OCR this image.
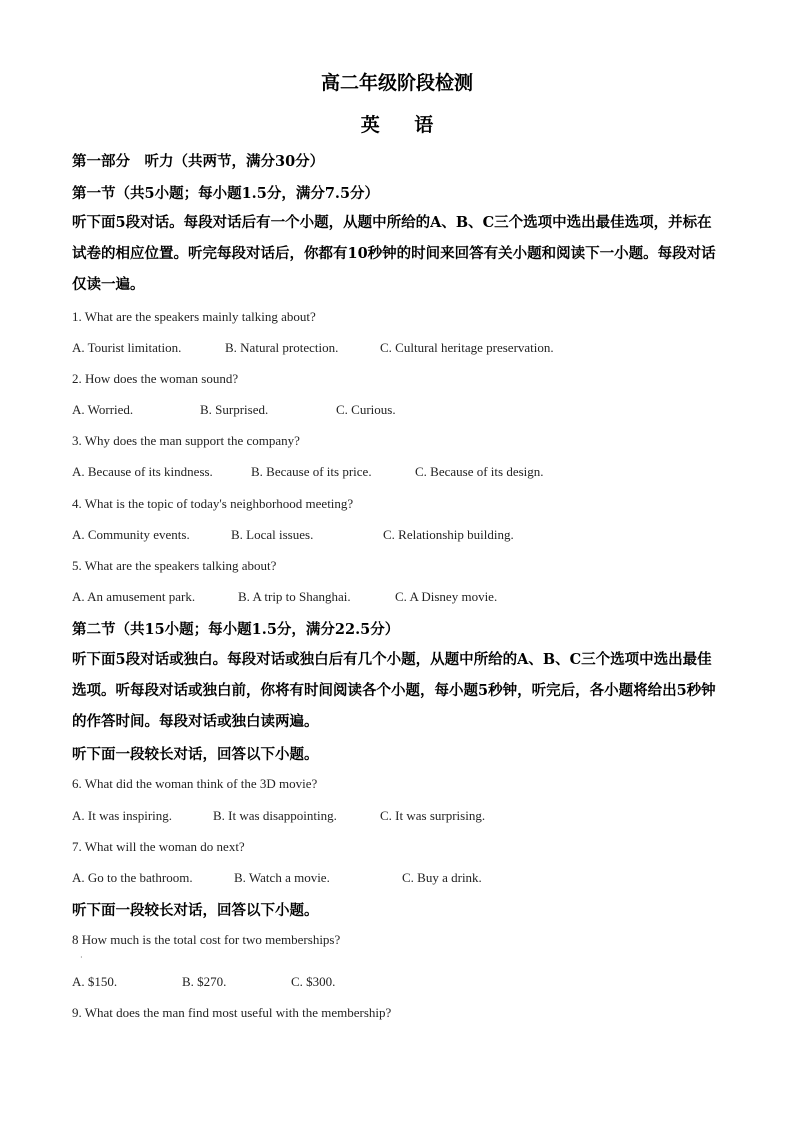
高二年级阶段检测
英 语
第一部分　听力（共两节，满分30分）
第一节（共5小题；每小题1.5分，满分7.5分）
听下面5段对话。每段对话后有一个小题，从题中所给的A、B、C三个选项中选出最佳选项，并标在试卷的相应位置。听完每段对话后，你都有10秒钟的时间来回答有关小题和阅读下一小题。每段对话仅读一遍。
1. What are the speakers mainly talking about?
A. Tourist limitation.	B. Natural protection.	C. Cultural heritage preservation.
2. How does the woman sound?
A. Worried.	B. Surprised.	C. Curious.
3. Why does the man support the company?
A. Because of its kindness.	B. Because of its price.	C. Because of its design.
4. What is the topic of today's neighborhood meeting?
A. Community events.	B. Local issues.	C. Relationship building.
5. What are the speakers talking about?
A. An amusement park.	B. A trip to Shanghai.	C. A Disney movie.
第二节（共15小题；每小题1.5分，满分22.5分）
听下面5段对话或独白。每段对话或独白后有几个小题，从题中所给的A、B、C三个选项中选出最佳选项。听每段对话或独白前，你将有时间阅读各个小题，每小题5秒钟，听完后，各小题将给出5秒钟的作答时间。每段对话或独白读两遍。
听下面一段较长对话，回答以下小题。
6. What did the woman think of the 3D movie?
A. It was inspiring.	B. It was disappointing.	C. It was surprising.
7. What will the woman do next?
A. Go to the bathroom.	B. Watch a movie.	C. Buy a drink.
听下面一段较长对话，回答以下小题。
8 How much is the total cost for two memberships?
·
A. $150.	B. $270.	C. $300.
9. What does the man find most useful with the membership?
